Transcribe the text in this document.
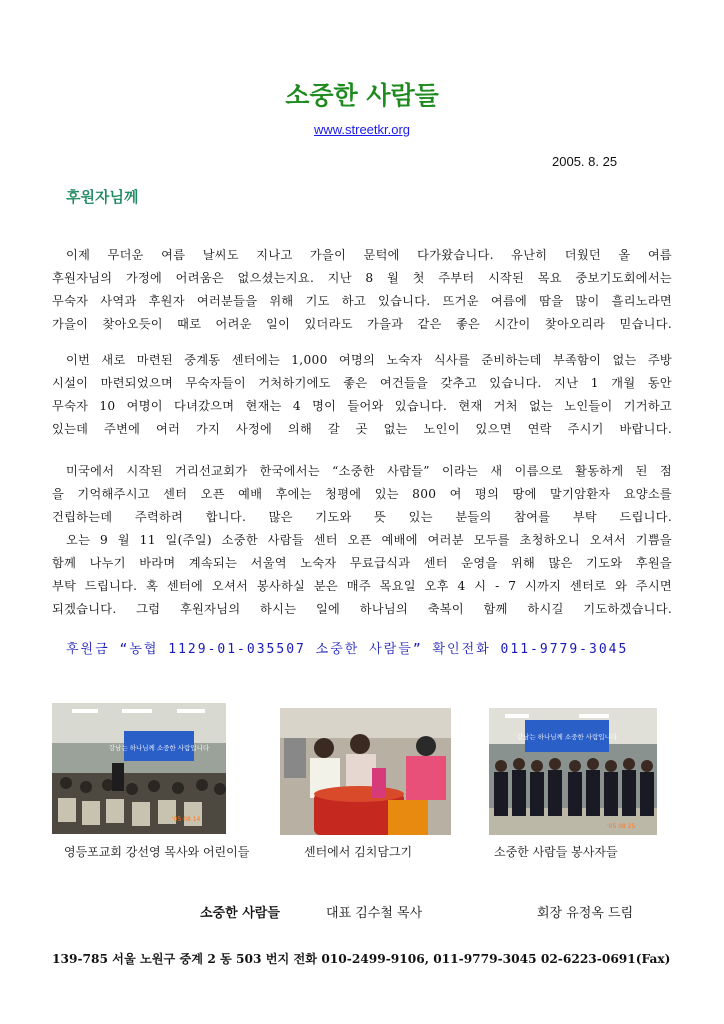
소중한 사람들
www.streetkr.org
2005. 8. 25
후원자님께
이제 무더운 여름 날씨도 지나고 가을이 문턱에 다가왔습니다. 유난히 더웠던 올 여름
후원자님의 가정에 어려움은 없으셨는지요. 지난 8 월 첫 주부터 시작된 목요 중보기도회에서는
무숙자 사역과 후원자 여러분들을 위해 기도 하고 있습니다. 뜨거운 여름에 땀을 많이 흘리노라면
가을이 찾아오듯이 때로 어려운 일이 있더라도 가을과 같은 좋은 시간이 찾아오리라 믿습니다.
이번 새로 마련된 중계동 센터에는 1,000 여명의 노숙자 식사를 준비하는데 부족함이 없는 주방
시설이 마련되었으며 무숙자들이 거처하기에도 좋은 여건들을 갖추고 있습니다. 지난 1 개월 동안
무숙자 10 여명이 다녀갔으며 현재는 4 명이 들어와 있습니다. 현재 거처 없는 노인들이 기거하고
있는데 주변에 여러 가지 사정에 의해 갈 곳 없는 노인이 있으면 연락 주시기 바랍니다.
미국에서 시작된 거리선교회가 한국에서는 “소중한 사람들” 이라는 새 이름으로 활동하게 된 점
을 기억해주시고 센터 오픈 예배 후에는 청평에 있는 800 여 평의 땅에 말기암환자 요양소를
건립하는데 주력하려 합니다. 많은 기도와 뜻 있는 분들의 참여를 부탁 드립니다.
오는 9 월 11 일(주일) 소중한 사람들 센터 오픈 예배에 여러분 모두를 초청하오니 오셔서 기쁨을
함께 나누기 바라며 계속되는 서울역 노숙자 무료급식과 센터 운영을 위해 많은 기도와 후원을
부탁 드립니다. 혹 센터에 오셔서 봉사하실 분은 매주 목요일 오후 4 시 - 7 시까지 센터로 와 주시면
되겠습니다. 그럼 후원자님의 하시는 일에 하나님의 축복이 함께 하시길 기도하겠습니다.
후원금 “농협 1129-01-035507 소중한 사람들” 확인전화 011-9779-3045
강남는 하나님께 소중한 사람입니다
'05 08 14
강남는 하나님께 소중한 사람입니다
'05 08 25
영등포교회 강선영 목사와 어린이들	센터에서 김치담그기	소중한 사람들 봉사자들
소중한 사람들	대표 김수철 목사	회장 유정옥 드림
139-785 서울 노원구 중계 2 동 503 번지 전화 010-2499-9106, 011-9779-3045 02-6223-0691(Fax)
